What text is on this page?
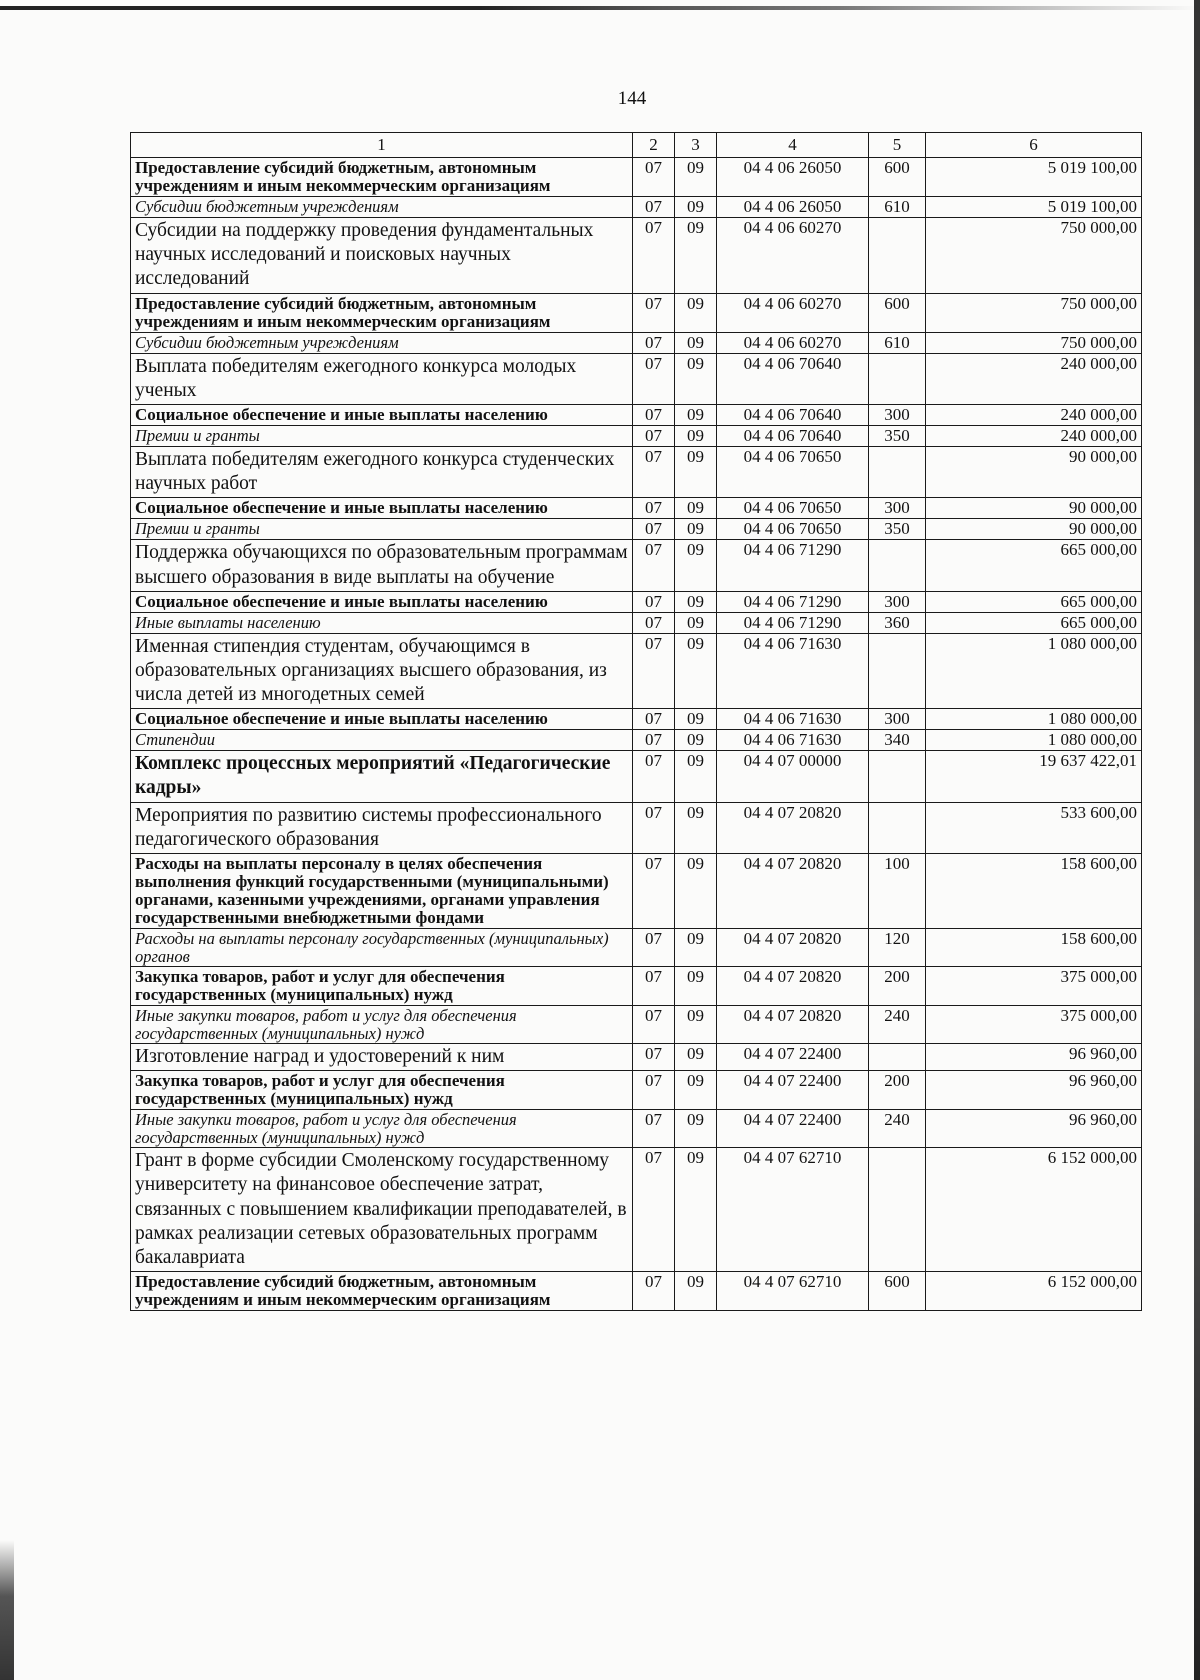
144
1	2	3	4	5	6
Предоставление субсидий бюджетным, автономным учреждениям и иным некоммерческим организациям	07	09	04 4 06 26050	600	5 019 100,00
Субсидии бюджетным учреждениям	07	09	04 4 06 26050	610	5 019 100,00
Субсидии на поддержку проведения фундаментальных научных исследований и поисковых научных исследований	07	09	04 4 06 60270		750 000,00
Предоставление субсидий бюджетным, автономным учреждениям и иным некоммерческим организациям	07	09	04 4 06 60270	600	750 000,00
Субсидии бюджетным учреждениям	07	09	04 4 06 60270	610	750 000,00
Выплата победителям ежегодного конкурса молодых ученых	07	09	04 4 06 70640		240 000,00
Социальное обеспечение и иные выплаты населению	07	09	04 4 06 70640	300	240 000,00
Премии и гранты	07	09	04 4 06 70640	350	240 000,00
Выплата победителям ежегодного конкурса студенческих научных работ	07	09	04 4 06 70650		90 000,00
Социальное обеспечение и иные выплаты населению	07	09	04 4 06 70650	300	90 000,00
Премии и гранты	07	09	04 4 06 70650	350	90 000,00
Поддержка обучающихся по образовательным программам высшего образования в виде выплаты на обучение	07	09	04 4 06 71290		665 000,00
Социальное обеспечение и иные выплаты населению	07	09	04 4 06 71290	300	665 000,00
Иные выплаты населению	07	09	04 4 06 71290	360	665 000,00
Именная стипендия студентам, обучающимся в образовательных организациях высшего образования, из числа детей из многодетных семей	07	09	04 4 06 71630		1 080 000,00
Социальное обеспечение и иные выплаты населению	07	09	04 4 06 71630	300	1 080 000,00
Стипендии	07	09	04 4 06 71630	340	1 080 000,00
Комплекс процессных мероприятий «Педагогические кадры»	07	09	04 4 07 00000		19 637 422,01
Мероприятия по развитию системы профессионального педагогического образования	07	09	04 4 07 20820		533 600,00
Расходы на выплаты персоналу в целях обеспечения выполнения функций государственными (муниципальными) органами, казенными учреждениями, органами управления государственными внебюджетными фондами	07	09	04 4 07 20820	100	158 600,00
Расходы на выплаты персоналу государственных (муниципальных) органов	07	09	04 4 07 20820	120	158 600,00
Закупка товаров, работ и услуг для обеспечения государственных (муниципальных) нужд	07	09	04 4 07 20820	200	375 000,00
Иные закупки товаров, работ и услуг для обеспечения государственных (муниципальных) нужд	07	09	04 4 07 20820	240	375 000,00
Изготовление наград и удостоверений к ним	07	09	04 4 07 22400		96 960,00
Закупка товаров, работ и услуг для обеспечения государственных (муниципальных) нужд	07	09	04 4 07 22400	200	96 960,00
Иные закупки товаров, работ и услуг для обеспечения государственных (муниципальных) нужд	07	09	04 4 07 22400	240	96 960,00
Грант в форме субсидии Смоленскому государственному университету на финансовое обеспечение затрат, связанных с повышением квалификации преподавателей, в рамках реализации сетевых образовательных программ бакалавриата	07	09	04 4 07 62710		6 152 000,00
Предоставление субсидий бюджетным, автономным учреждениям и иным некоммерческим организациям	07	09	04 4 07 62710	600	6 152 000,00
